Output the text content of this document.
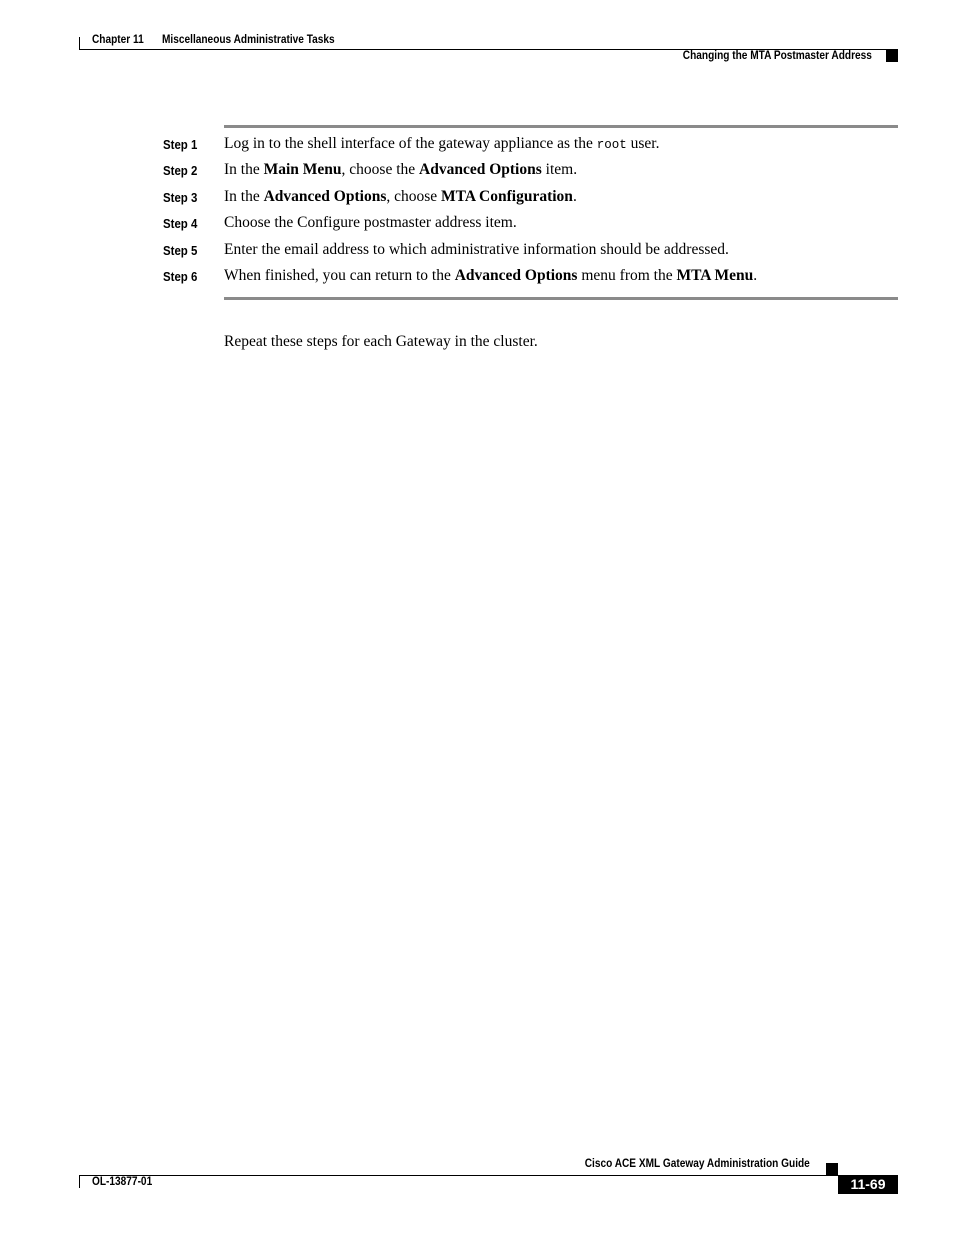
Chapter 11 Miscellaneous Administrative Tasks
Changing the MTA Postmaster Address
Step 1 Log in to the shell interface of the gateway appliance as the root user.
Step 2 In the Main Menu, choose the Advanced Options item.
Step 3 In the Advanced Options, choose MTA Configuration.
Step 4 Choose the Configure postmaster address item.
Step 5 Enter the email address to which administrative information should be addressed.
Step 6 When finished, you can return to the Advanced Options menu from the MTA Menu.
Repeat these steps for each Gateway in the cluster.
Cisco ACE XML Gateway Administration Guide
OL-13877-01	11-69
